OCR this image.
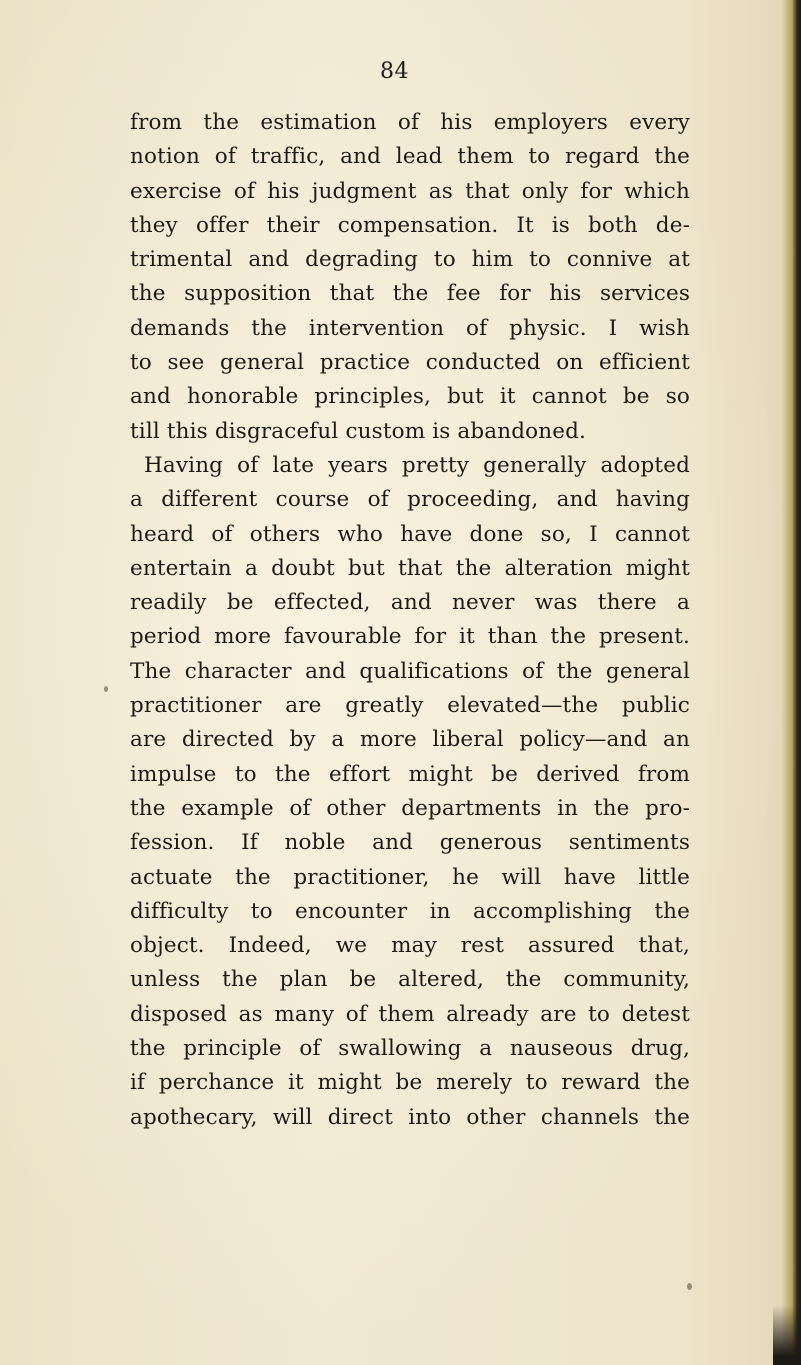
84
from the estimation of his employers every
notion of traffic, and lead them to regard the
exercise of his judgment as that only for which
they offer their compensation. It is both de-
trimental and degrading to him to connive at
the supposition that the fee for his services
demands the intervention of physic. I wish
to see general practice conducted on efficient
and honorable principles, but it cannot be so
till this disgraceful custom is abandoned.
Having of late years pretty generally adopted
a different course of proceeding, and having
heard of others who have done so, I cannot
entertain a doubt but that the alteration might
readily be effected, and never was there a
period more favourable for it than the present.
The character and qualifications of the general
practitioner are greatly elevated—the public
are directed by a more liberal policy—and an
impulse to the effort might be derived from
the example of other departments in the pro-
fession. If noble and generous sentiments
actuate the practitioner, he will have little
difficulty to encounter in accomplishing the
object. Indeed, we may rest assured that,
unless the plan be altered, the community,
disposed as many of them already are to detest
the principle of swallowing a nauseous drug,
if perchance it might be merely to reward the
apothecary, will direct into other channels the
